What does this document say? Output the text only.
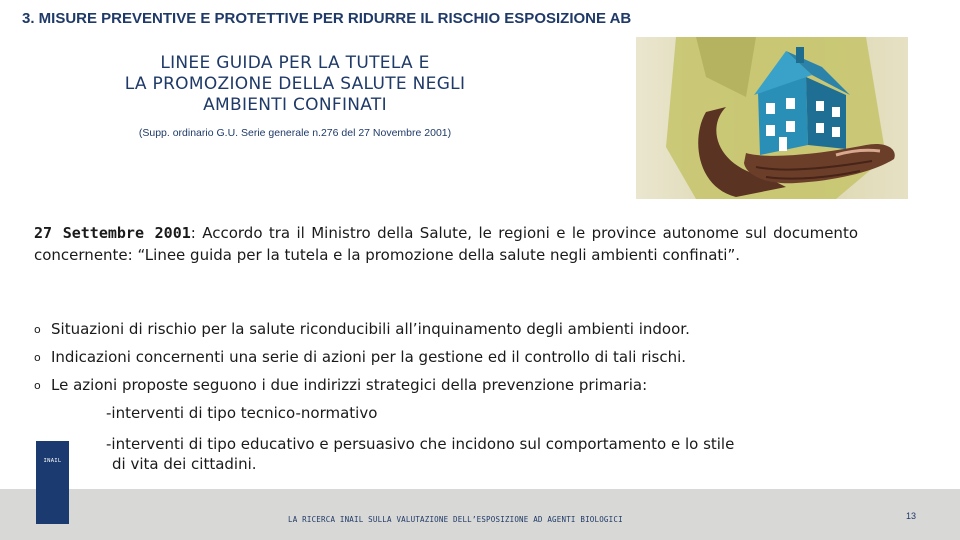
3. MISURE PREVENTIVE E PROTETTIVE PER RIDURRE IL RISCHIO ESPOSIZIONE AB
LINEE GUIDA PER LA TUTELA E
LA PROMOZIONE DELLA SALUTE NEGLI
AMBIENTI CONFINATI
(Supp. ordinario G.U. Serie generale n.276 del 27 Novembre 2001)
27 Settembre 2001: Accordo tra il Ministro della Salute, le regioni e le province autonome sul documento concernente: “Linee guida per la tutela e la promozione della salute negli ambienti confinati”.
o Situazioni di rischio per la salute riconducibili all’inquinamento degli ambienti indoor.
o Indicazioni concernenti una serie di azioni per la gestione ed il controllo di tali rischi.
o Le azioni proposte seguono i due indirizzi strategici della prevenzione primaria:
-interventi di tipo tecnico-normativo
-interventi di tipo educativo e persuasivo che incidono sul comportamento e lo stile
di vita dei cittadini.
INAIL
LA RICERCA INAIL SULLA VALUTAZIONE DELL’ESPOSIZIONE AD AGENTI BIOLOGICI	13
